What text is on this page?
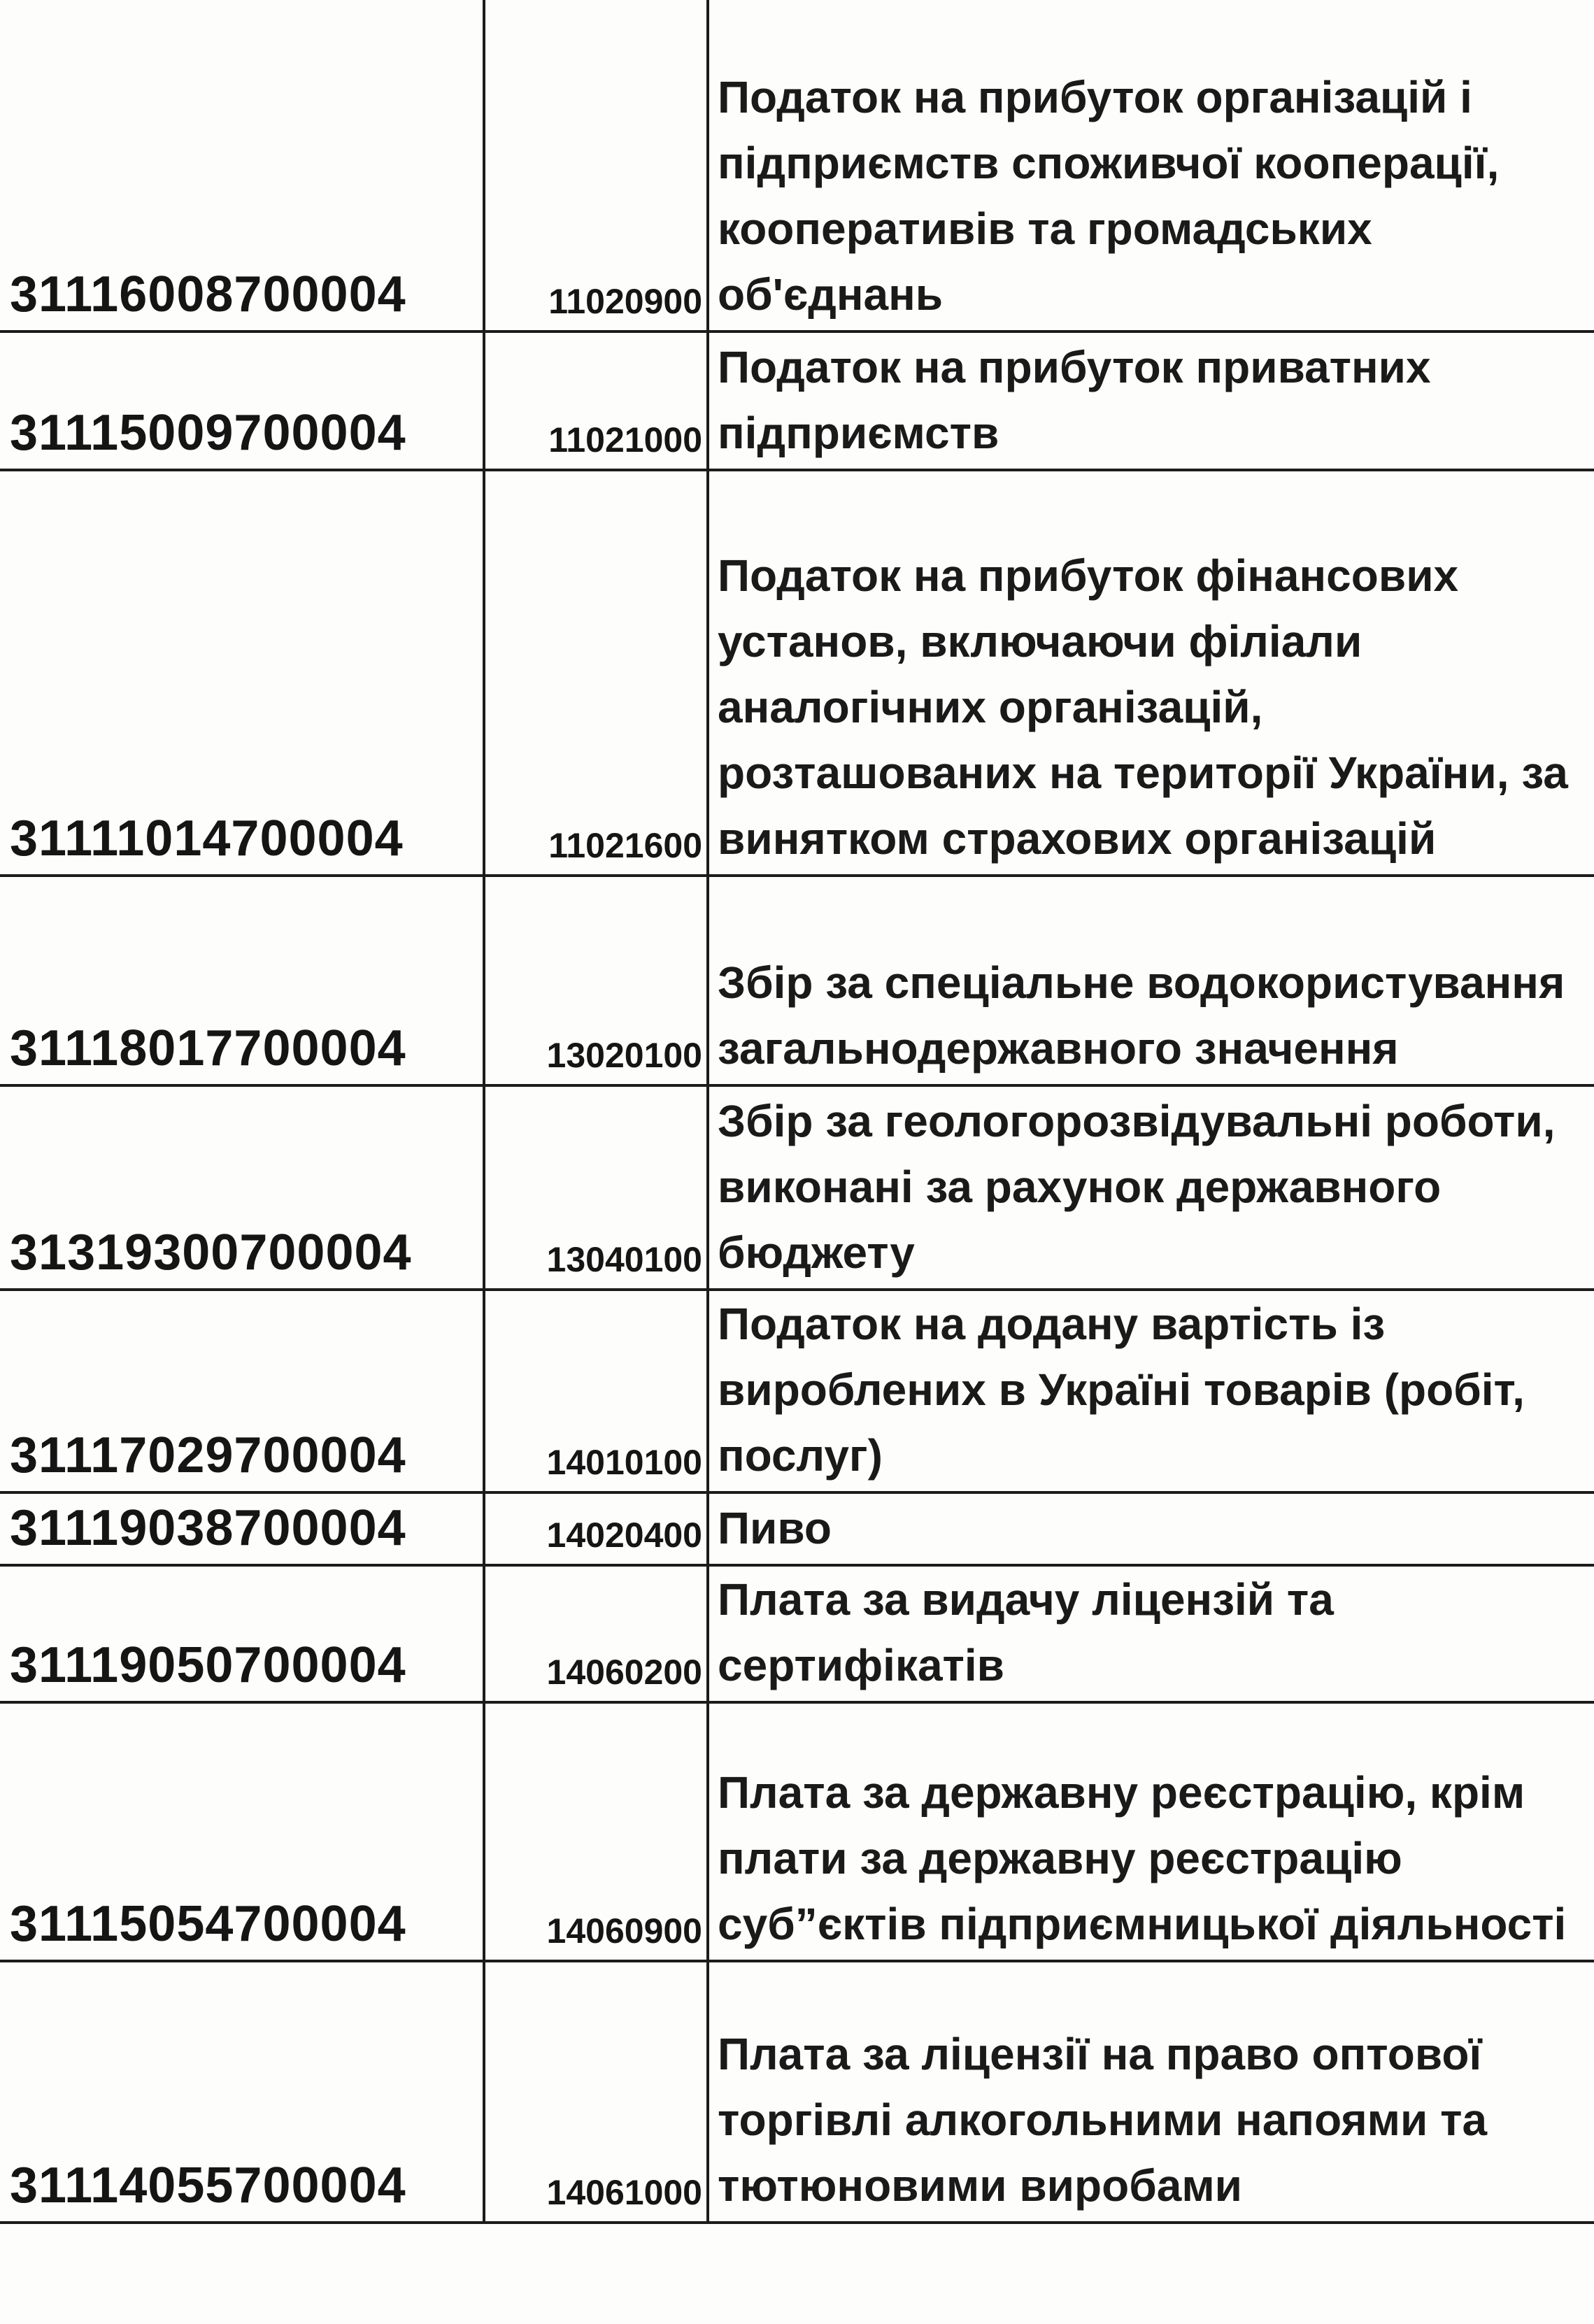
31116008700004	11020900	Податок на прибуток організацій і підприємств споживчої кооперації, кооперативів та громадських об'єднань
31115009700004	11021000	Податок на прибуток приватних підприємств
31111014700004	11021600	Податок на прибуток фінансових установ, включаючи філіали аналогічних організацій, розташованих на території України, за винятком страхових організацій
31118017700004	13020100	Збір за спеціальне водокористування загальнодержавного значення
31319300700004	13040100	Збір за геологорозвідувальні роботи, виконані за рахунок державного бюджету
31117029700004	14010100	Податок на додану вартість із вироблених в Україні товарів (робіт, послуг)
31119038700004	14020400	Пиво
31119050700004	14060200	Плата за видачу ліцензій та сертифікатів
31115054700004	14060900	Плата за державну реєстрацію, крім плати за державну реєстрацію суб”єктів підприємницької діяльності
31114055700004	14061000	Плата за ліцензії на право оптової торгівлі алкогольними напоями та тютюновими виробами
